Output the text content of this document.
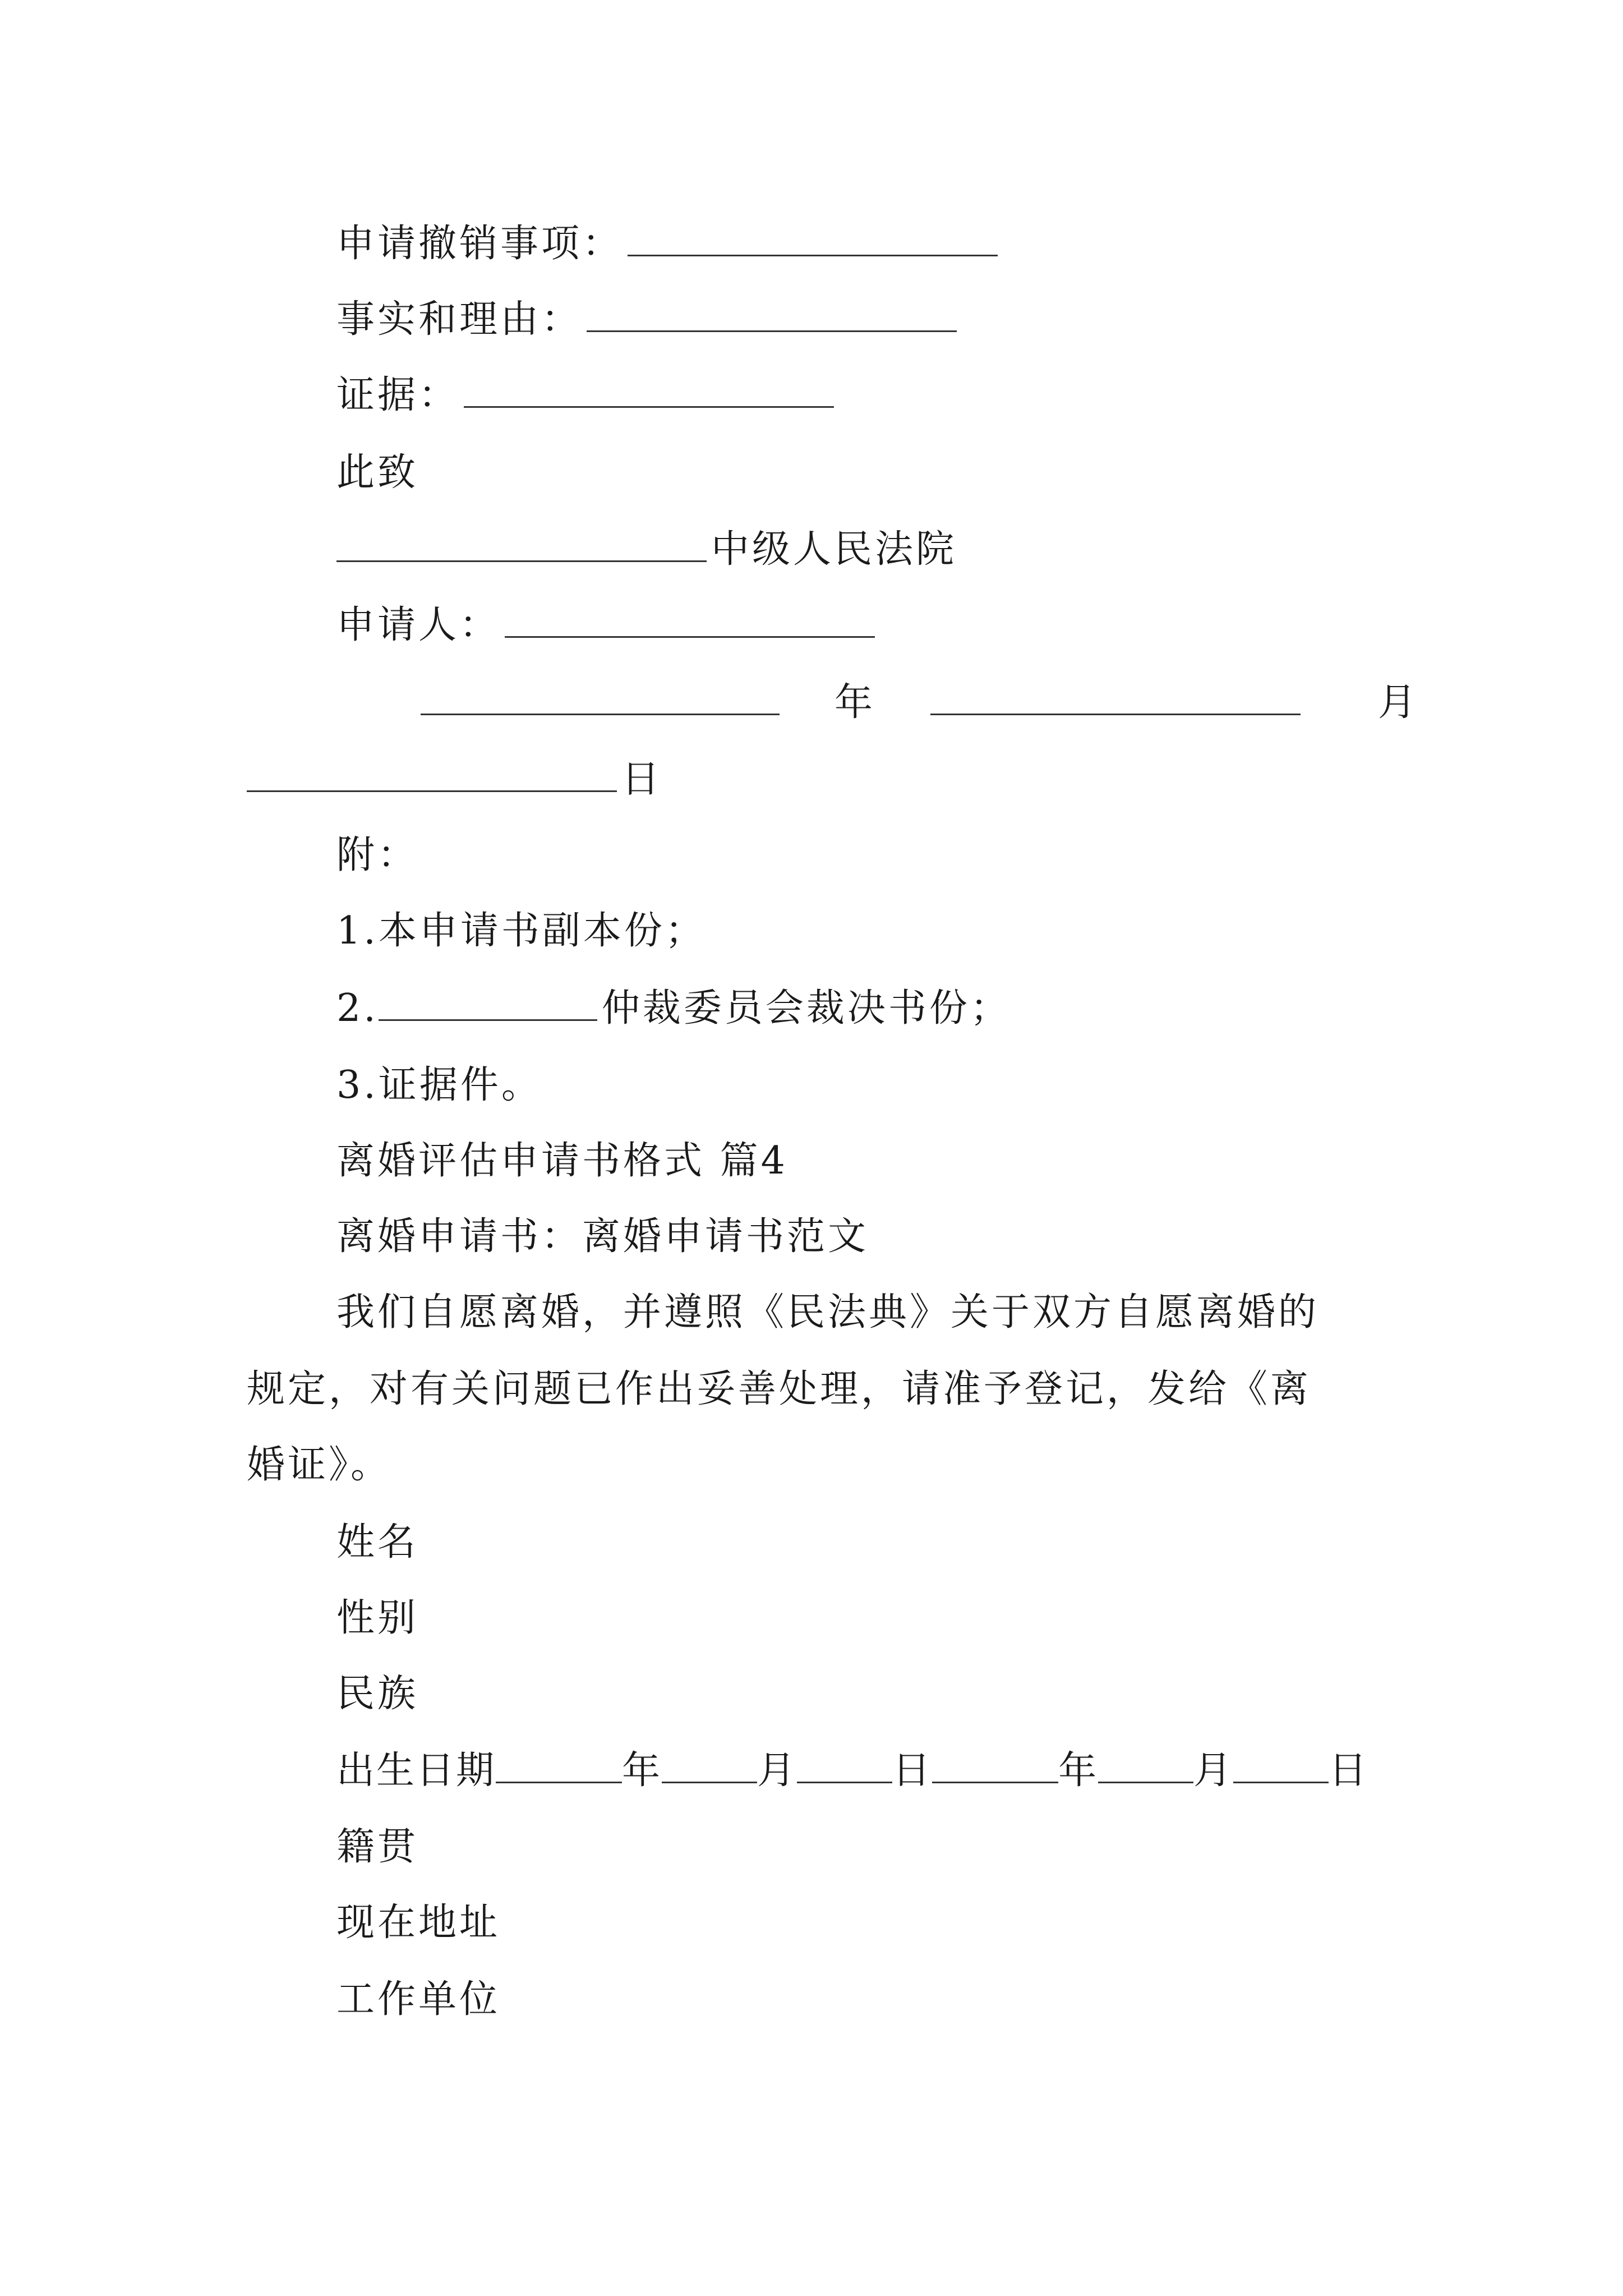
申请撤销事项：
事实和理由：
证据：
此致
中级人民法院
申请人：
年	月
日
附：
1.本申请书副本份；
2.	仲裁委员会裁决书份；
3.证据件。
离婚评估申请书格式 篇4
离婚申请书：离婚申请书范文
我们自愿离婚，并遵照《民法典》关于双方自愿离婚的
规定，对有关问题已作出妥善处理，请准予登记，发给《离
婚证》。
姓名
性别
民族
出生日期	年	月	日	年	月	日
籍贯
现在地址
工作单位
